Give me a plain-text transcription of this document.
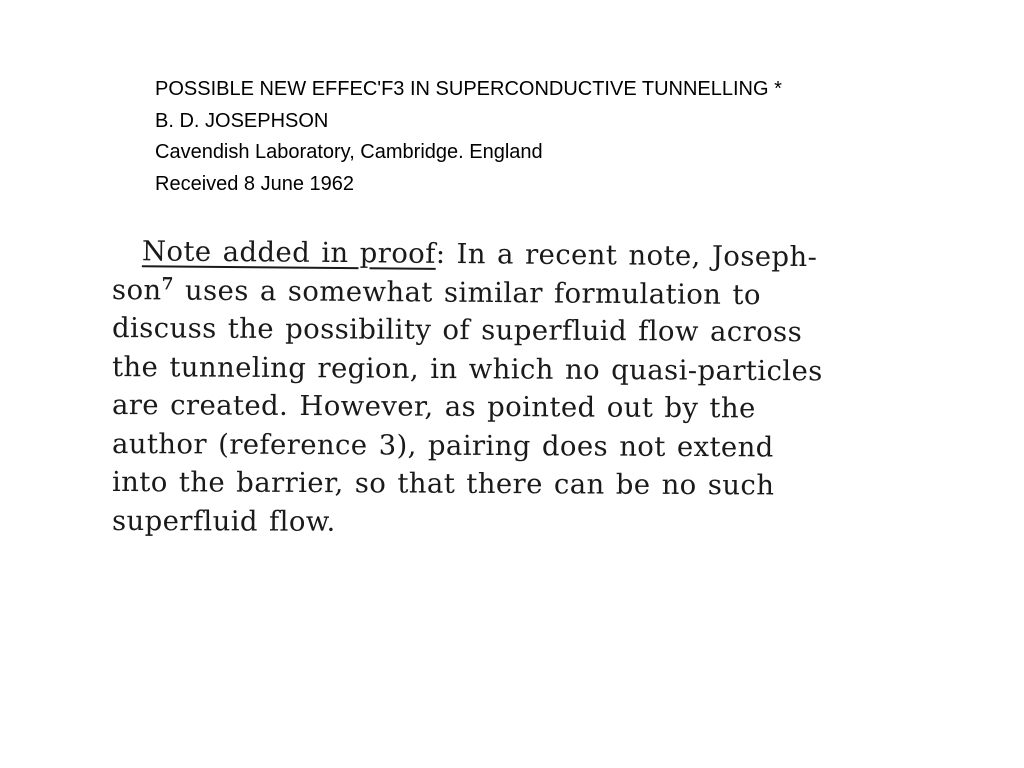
POSSIBLE NEW EFFEC'F3 IN SUPERCONDUCTIVE TUNNELLING *
B. D. JOSEPHSON
Cavendish Laboratory, Cambridge. England
Received 8 June 1962
Note added in proof: In a recent note, Joseph-
son$^7$ uses a somewhat similar formulation to
discuss the possibility of superfluid flow across
the tunneling region, in which no quasi-particles
are created. However, as pointed out by the
author (reference 3), pairing does not extend
into the barrier, so that there can be no such
superfluid flow.
